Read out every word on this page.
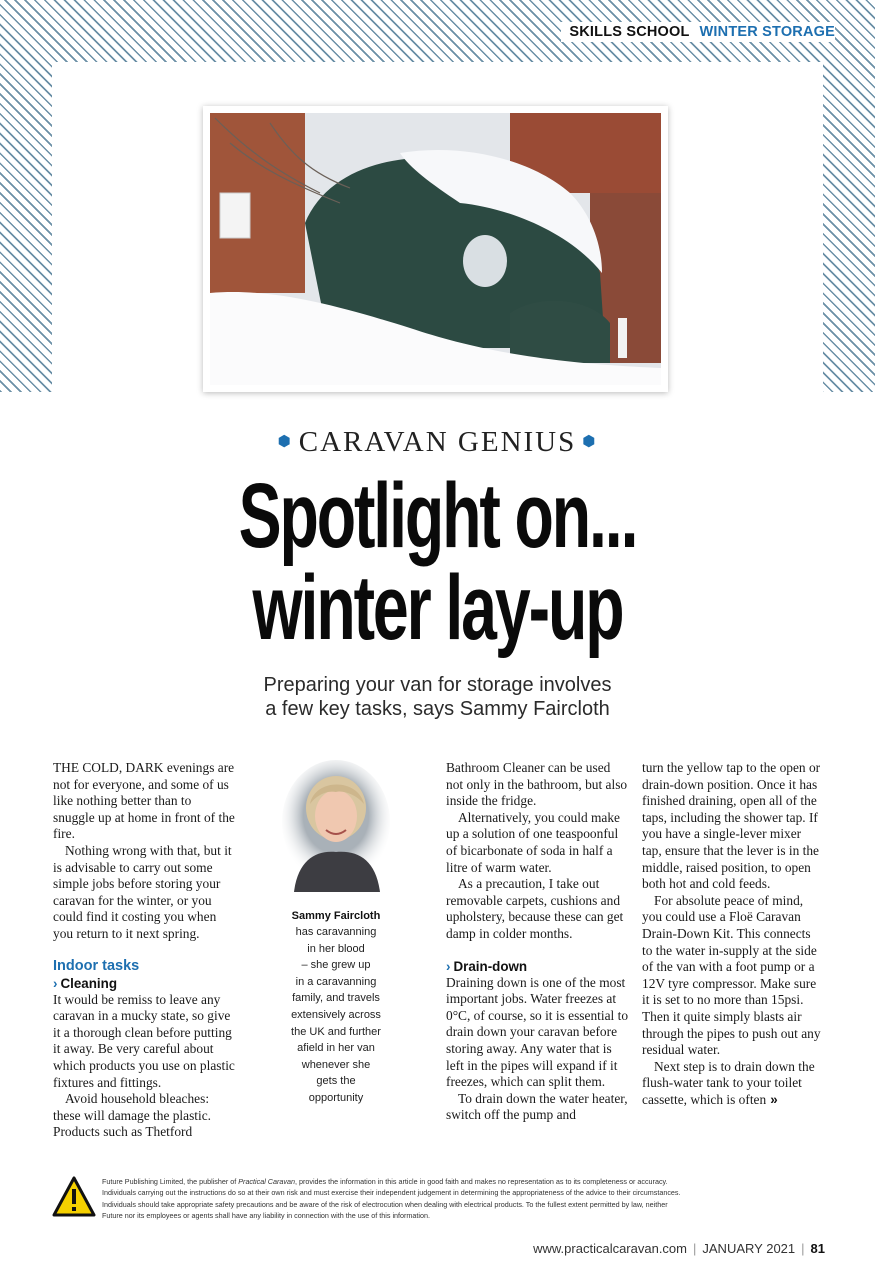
SKILLS SCHOOL WINTER STORAGE
⬢ CARAVAN GENIUS ⬢
Spotlight on...
winter lay-up
Preparing your van for storage involves
a few key tasks, says Sammy Faircloth

THE COLD, DARK evenings are not for everyone, and some of us like nothing better than to snuggle up at home in front of the fire.

Nothing wrong with that, but it is advisable to carry out some simple jobs before storing your caravan for the winter, or you could find it costing you when you return to it next spring.

Indoor tasks
› Cleaning

It would be remiss to leave any caravan in a mucky state, so give it a thorough clean before putting it away. Be very careful about which products you use on plastic fixtures and fittings.

Avoid household bleaches: these will damage the plastic. Products such as Thetford

Sammy Faircloth
has caravanning
in her blood
– she grew up
in a caravanning
family, and travels
extensively across
the UK and further
afield in her van
whenever she
gets the
opportunity

Bathroom Cleaner can be used not only in the bathroom, but also inside the fridge.

Alternatively, you could make up a solution of one teaspoonful of bicarbonate of soda in half a litre of warm water.

As a precaution, I take out removable carpets, cushions and upholstery, because these can get damp in colder months.

› Drain-down

Draining down is one of the most important jobs. Water freezes at 0°C, of course, so it is essential to drain down your caravan before storing away. Any water that is left in the pipes will expand if it freezes, which can split them.

To drain down the water heater, switch off the pump and

turn the yellow tap to the open or drain-down position. Once it has finished draining, open all of the taps, including the shower tap. If you have a single-lever mixer tap, ensure that the lever is in the middle, raised position, to open both hot and cold feeds.

For absolute peace of mind, you could use a Floë Caravan Drain-Down Kit. This connects to the water in-supply at the side of the van with a foot pump or a 12V tyre compressor. Make sure it is set to no more than 15psi. Then it quite simply blasts air through the pipes to push out any residual water.

Next step is to drain down the flush-water tank to your toilet cassette, which is often »

Future Publishing Limited, the publisher of Practical Caravan, provides the information in this article in good faith and makes no representation as to its completeness or accuracy.
Individuals carrying out the instructions do so at their own risk and must exercise their independent judgement in determining the appropriateness of the advice to their circumstances.
Individuals should take appropriate safety precautions and be aware of the risk of electrocution when dealing with electrical products. To the fullest extent permitted by law, neither
Future nor its employees or agents shall have any liability in connection with the use of this information.
www.practicalcaravan.com | JANUARY 2021 | 81
